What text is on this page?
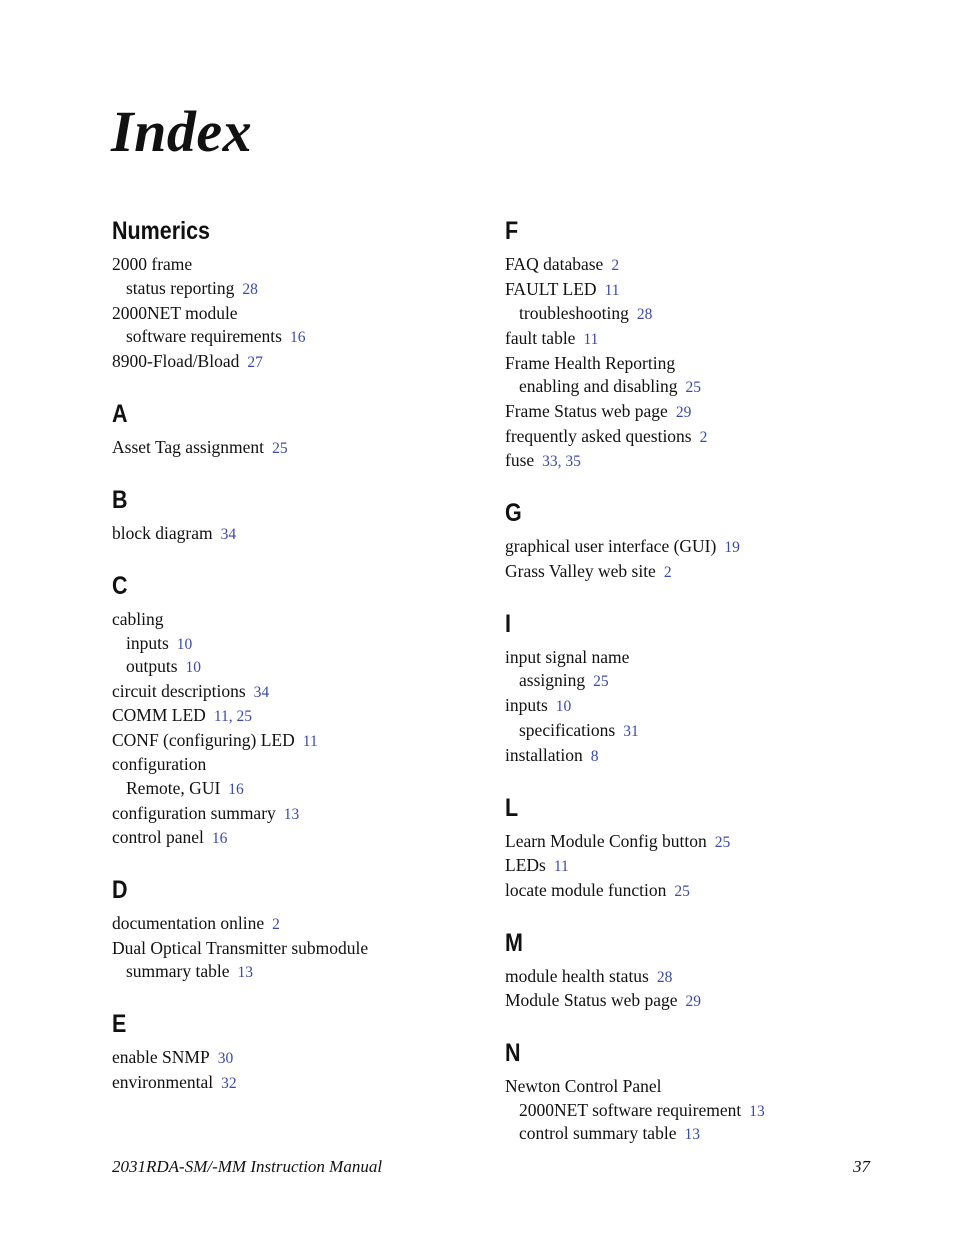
Index
Numerics
2000 frame
status reporting 28
2000NET module
software requirements 16
8900-Fload/Bload 27
A
Asset Tag assignment 25
B
block diagram 34
C
cabling
inputs 10
outputs 10
circuit descriptions 34
COMM LED 11, 25
CONF (configuring) LED 11
configuration
Remote, GUI 16
configuration summary 13
control panel 16
D
documentation online 2
Dual Optical Transmitter submodule
summary table 13
E
enable SNMP 30
environmental 32
F
FAQ database 2
FAULT LED 11
troubleshooting 28
fault table 11
Frame Health Reporting
enabling and disabling 25
Frame Status web page 29
frequently asked questions 2
fuse 33, 35
G
graphical user interface (GUI) 19
Grass Valley web site 2
I
input signal name
assigning 25
inputs 10
specifications 31
installation 8
L
Learn Module Config button 25
LEDs 11
locate module function 25
M
module health status 28
Module Status web page 29
N
Newton Control Panel
2000NET software requirement 13
control summary table 13
2031RDA-SM/-MM Instruction Manual	37
